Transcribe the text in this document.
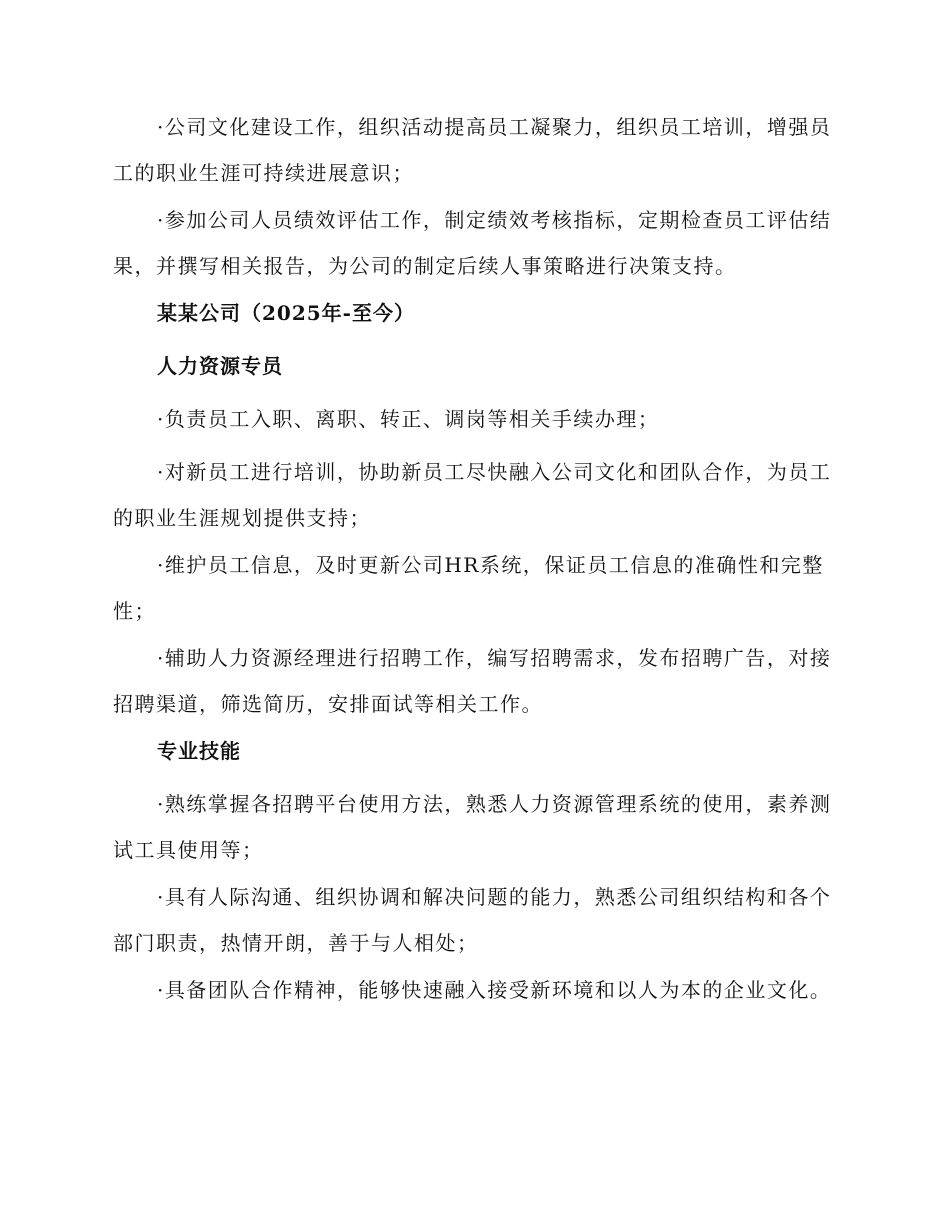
·公司文化建设工作，组织活动提高员工凝聚力，组织员工培训，增强员工的职业生涯可持续进展意识；

·参加公司人员绩效评估工作，制定绩效考核指标，定期检查员工评估结果，并撰写相关报告，为公司的制定后续人事策略进行决策支持。

某某公司（2025年-至今）

人力资源专员

·负责员工入职、离职、转正、调岗等相关手续办理；

·对新员工进行培训，协助新员工尽快融入公司文化和团队合作，为员工的职业生涯规划提供支持；

·维护员工信息，及时更新公司HR系统，保证员工信息的准确性和完整性；

·辅助人力资源经理进行招聘工作，编写招聘需求，发布招聘广告，对接招聘渠道，筛选简历，安排面试等相关工作。

专业技能

·熟练掌握各招聘平台使用方法，熟悉人力资源管理系统的使用，素养测试工具使用等；

·具有人际沟通、组织协调和解决问题的能力，熟悉公司组织结构和各个部门职责，热情开朗，善于与人相处；

·具备团队合作精神，能够快速融入接受新环境和以人为本的企业文化。
